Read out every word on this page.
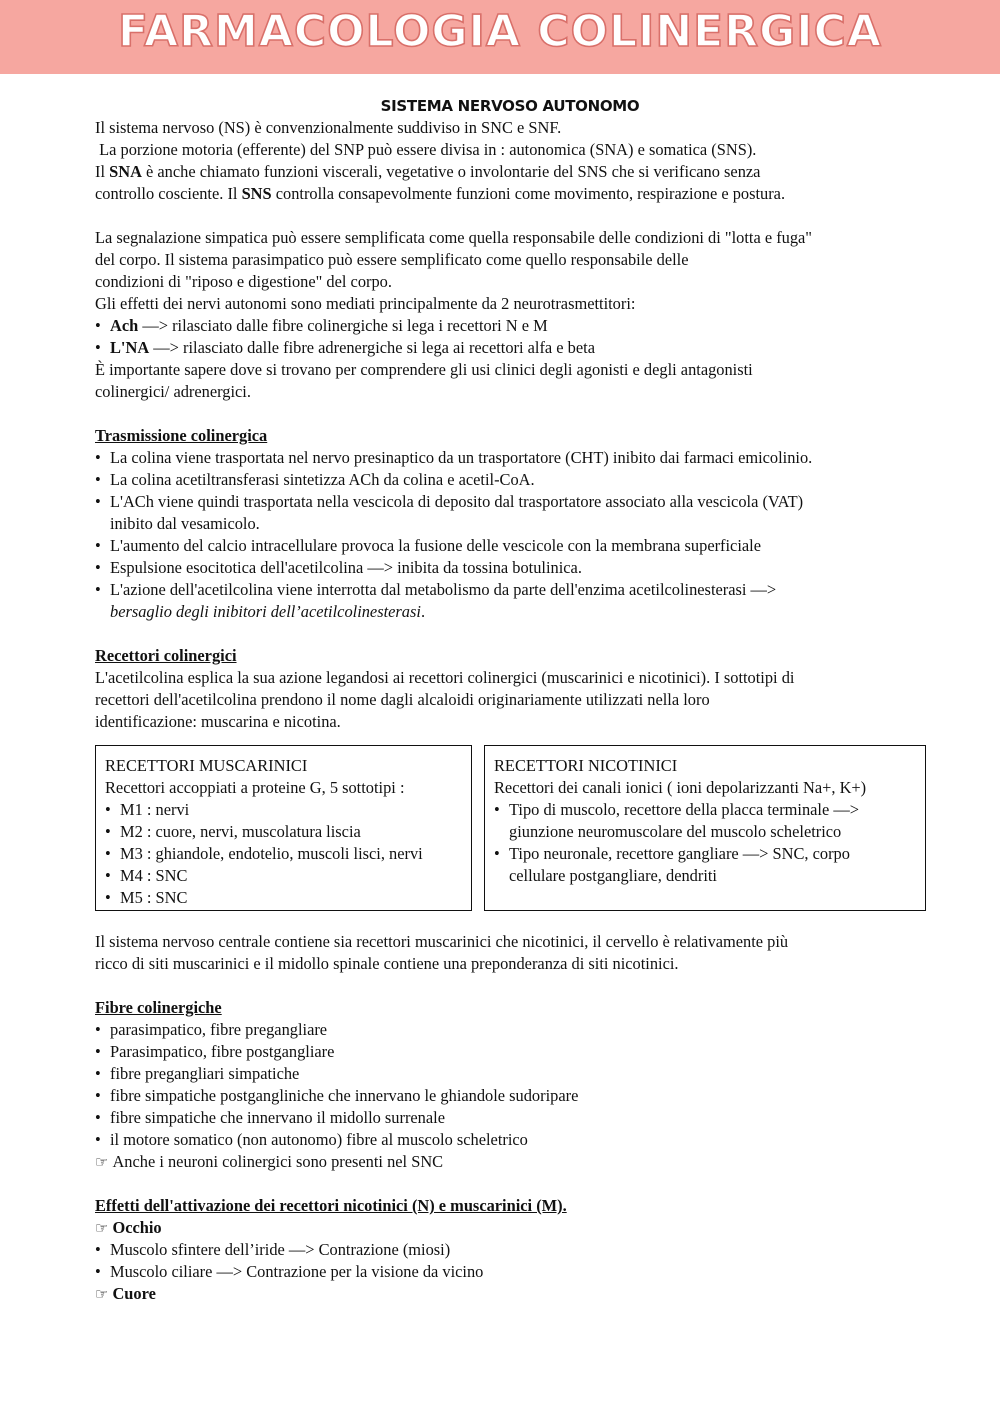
FARMACOLOGIA COLINERGICA
SISTEMA NERVOSO AUTONOMO

Il sistema nervoso (NS) è convenzionalmente suddiviso in SNC e SNF.

La porzione motoria (efferente) del SNP può essere divisa in : autonomica (SNA) e somatica (SNS).

Il SNA è anche chiamato funzioni viscerali, vegetative o involontarie del SNS che si verificano senza

controllo cosciente. Il SNS controlla consapevolmente funzioni come movimento, respirazione e postura.

La segnalazione simpatica può essere semplificata come quella responsabile delle condizioni di "lotta e fuga"

del corpo. Il sistema parasimpatico può essere semplificato come quello responsabile delle

condizioni di "riposo e digestione" del corpo.

Gli effetti dei nervi autonomi sono mediati principalmente da 2 neurotrasmettitori:

• Ach —> rilasciato dalle fibre colinergiche si lega i recettori N e M
• L'NA —> rilasciato dalle fibre adrenergiche si lega ai recettori alfa e beta

È importante sapere dove si trovano per comprendere gli usi clinici degli agonisti e degli antagonisti

colinergici/ adrenergici.

Trasmissione colinergica

• La colina viene trasportata nel nervo presinaptico da un trasportatore (CHT) inibito dai farmaci emicolinio.
• La colina acetiltransferasi sintetizza ACh da colina e acetil-CoA.
• L'ACh viene quindi trasportata nella vescicola di deposito dal trasportatore associato alla vescicola (VAT)
inibito dal vesamicolo.
• L'aumento del calcio intracellulare provoca la fusione delle vescicole con la membrana superficiale
• Espulsione esocitotica dell'acetilcolina —> inibita da tossina botulinica.
• L'azione dell'acetilcolina viene interrotta dal metabolismo da parte dell'enzima acetilcolinesterasi —>
bersaglio degli inibitori dell’acetilcolinesterasi.

Recettori colinergici

L'acetilcolina esplica la sua azione legandosi ai recettori colinergici (muscarinici e nicotinici). I sottotipi di

recettori dell'acetilcolina prendono il nome dagli alcaloidi originariamente utilizzati nella loro

identificazione: muscarina e nicotina.

RECETTORI MUSCARINICI

Recettori accoppiati a proteine G, 5 sottotipi :

• M1 : nervi
• M2 : cuore, nervi, muscolatura liscia
• M3 : ghiandole, endotelio, muscoli lisci, nervi
• M4 : SNC
• M5 : SNC

RECETTORI NICOTINICI

Recettori dei canali ionici ( ioni depolarizzanti Na+, K+)

• Tipo di muscolo, recettore della placca terminale —>
giunzione neuromuscolare del muscolo scheletrico
• Tipo neuronale, recettore gangliare —> SNC, corpo
cellulare postgangliare, dendriti

Il sistema nervoso centrale contiene sia recettori muscarinici che nicotinici, il cervello è relativamente più

ricco di siti muscarinici e il midollo spinale contiene una preponderanza di siti nicotinici.

Fibre colinergiche

• parasimpatico, fibre pregangliare
• Parasimpatico, fibre postgangliare
• fibre pregangliari simpatiche
• fibre simpatiche postgangliniche che innervano le ghiandole sudoripare
• fibre simpatiche che innervano il midollo surrenale
• il motore somatico (non autonomo) fibre al muscolo scheletrico

☞ Anche i neuroni colinergici sono presenti nel SNC

Effetti dell'attivazione dei recettori nicotinici (N) e muscarinici (M).

☞ Occhio

• Muscolo sfintere dell’iride —> Contrazione (miosi)
• Muscolo ciliare —> Contrazione per la visione da vicino

☞ Cuore
